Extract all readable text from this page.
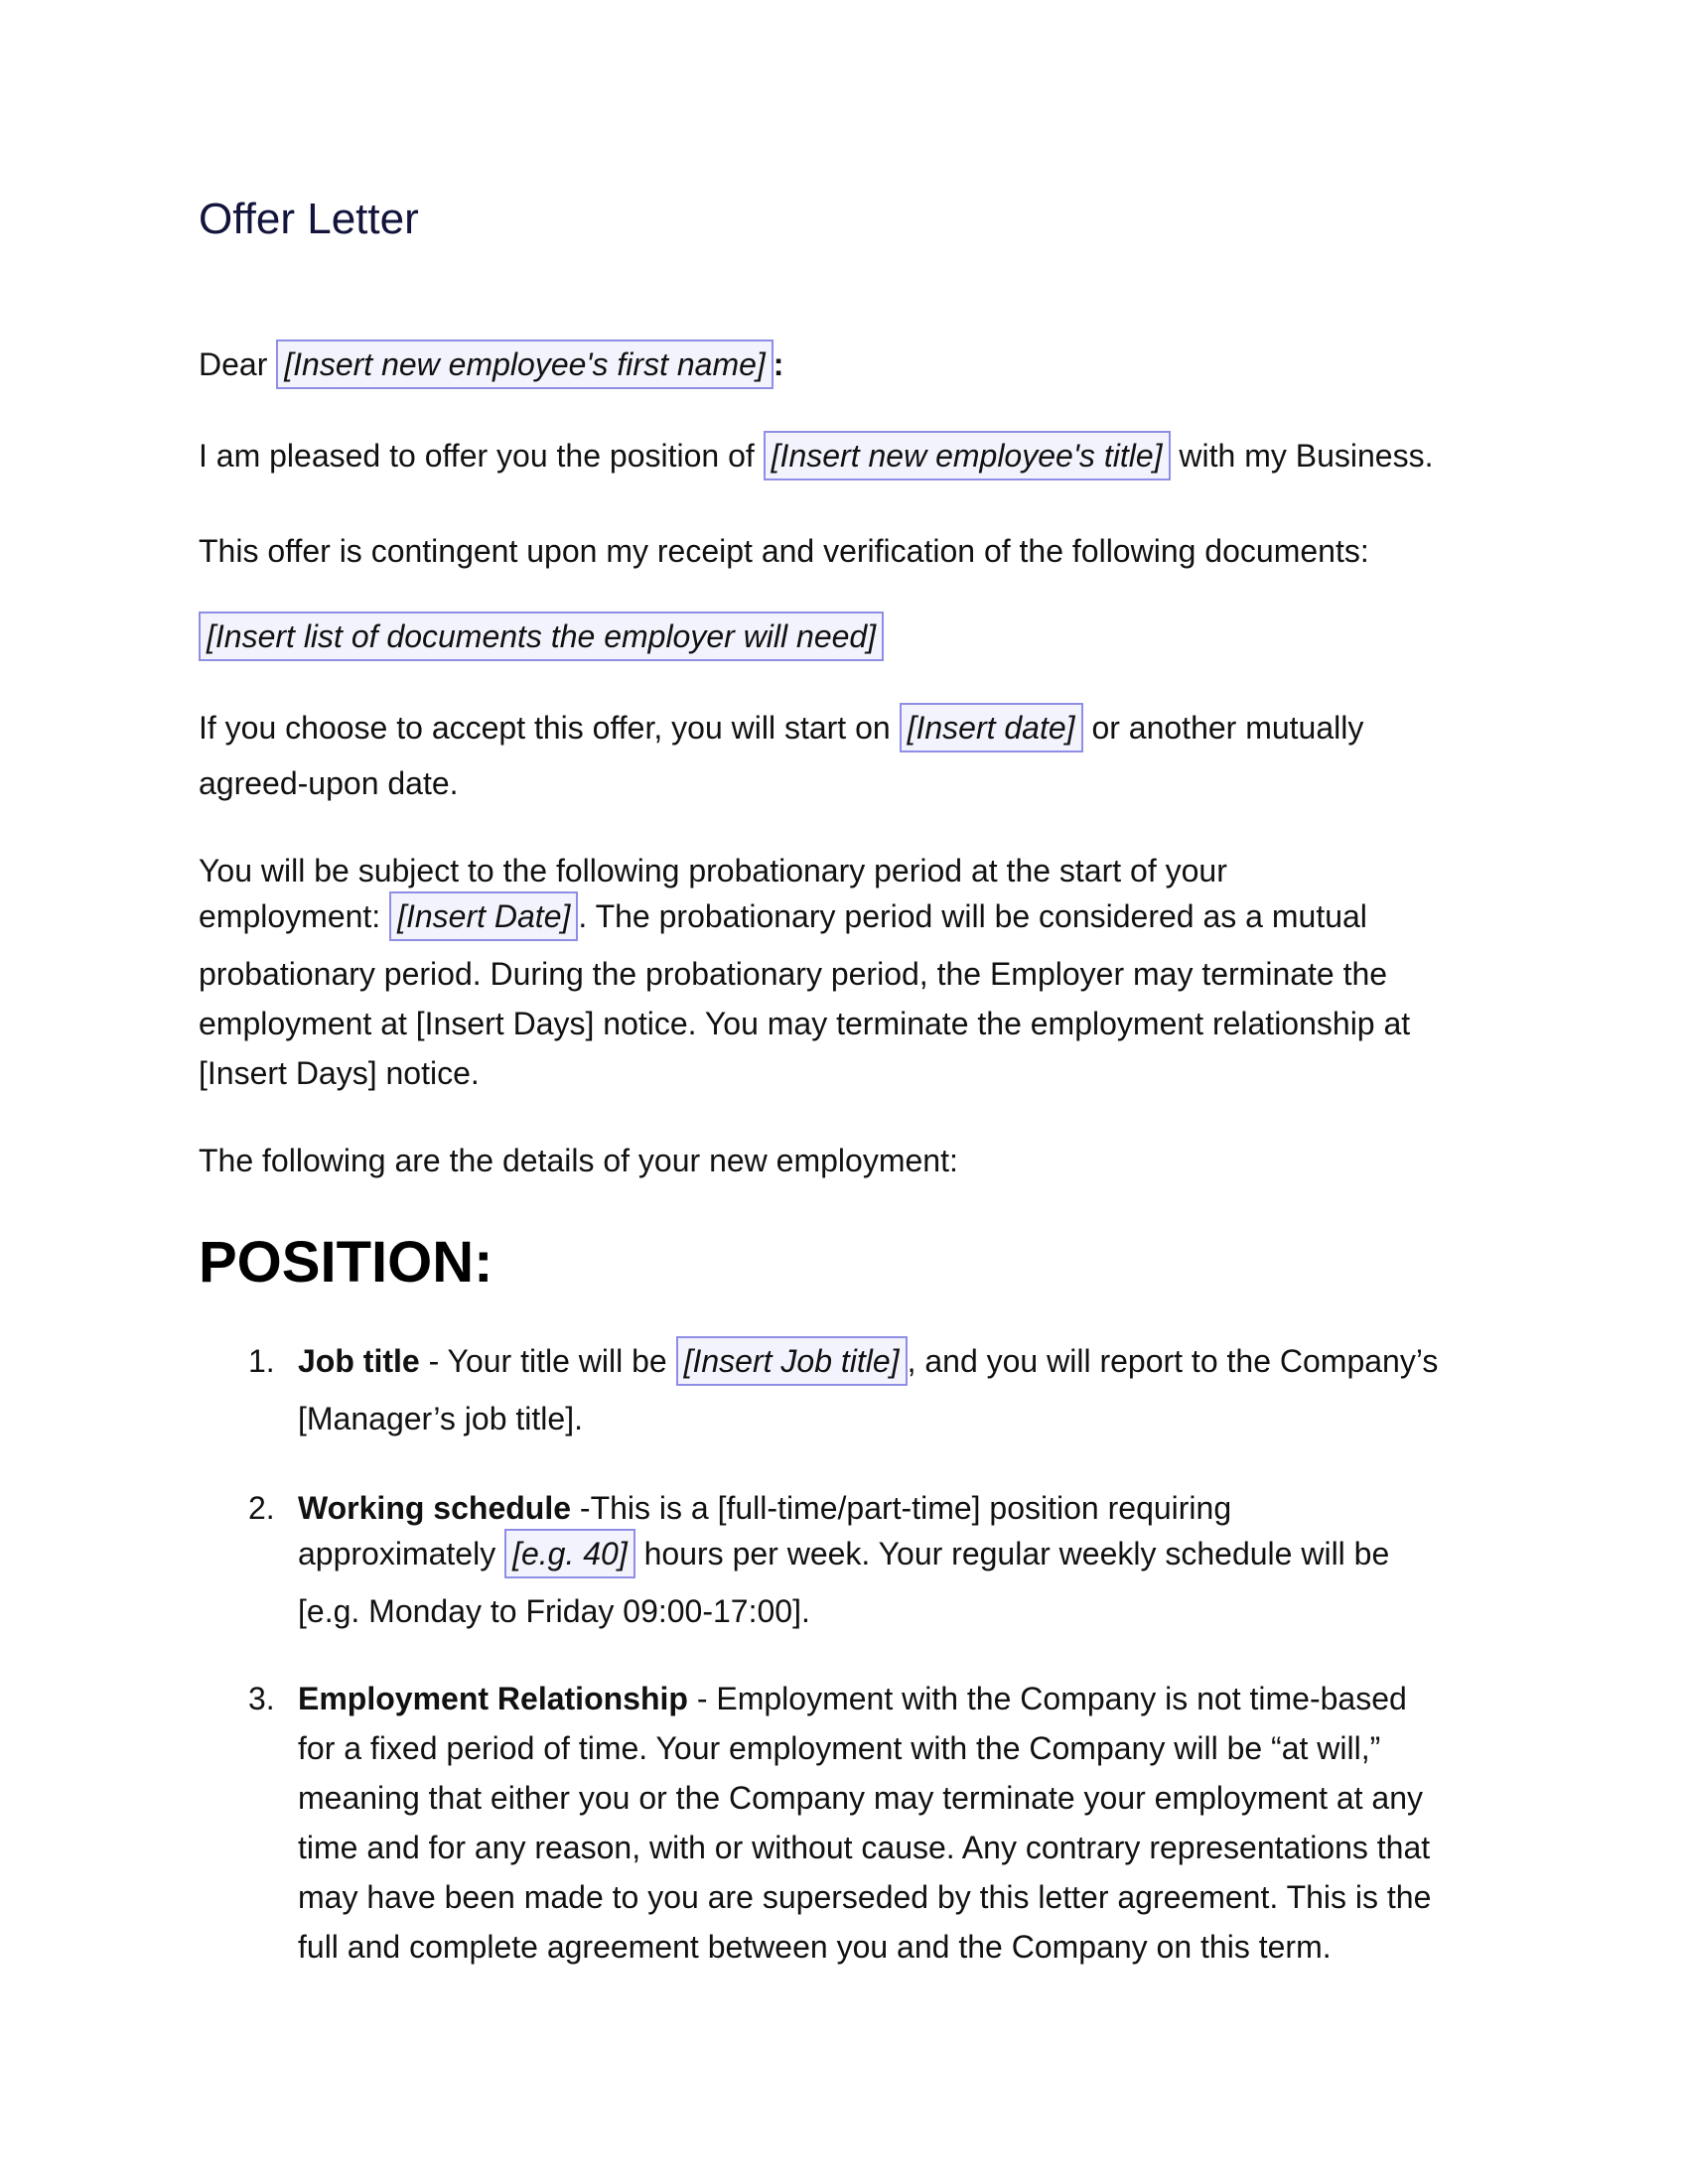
Offer Letter

Dear [Insert new employee's first name] :

I am pleased to offer you the position of [Insert new employee's title] with my Business.

This offer is contingent upon my receipt and verification of the following documents:

[Insert list of documents the employer will need]

If you choose to accept this offer, you will start on [Insert date] or another mutually

agreed-upon date.

You will be subject to the following probationary period at the start of your

employment: [Insert Date] . The probationary period will be considered as a mutual

probationary period. During the probationary period, the Employer may terminate the

employment at [Insert Days] notice. You may terminate the employment relationship at

[Insert Days] notice.

The following are the details of your new employment:

POSITION:
1. Job title - Your title will be [Insert Job title] , and you will report to the Company’s
[Manager’s job title].
2. Working schedule -This is a [full-time/part-time] position requiring
approximately [e.g. 40] hours per week. Your regular weekly schedule will be
[e.g. Monday to Friday 09:00-17:00].
3. Employment Relationship - Employment with the Company is not time-based
for a fixed period of time. Your employment with the Company will be “at will,”
meaning that either you or the Company may terminate your employment at any
time and for any reason, with or without cause. Any contrary representations that
may have been made to you are superseded by this letter agreement. This is the
full and complete agreement between you and the Company on this term.
